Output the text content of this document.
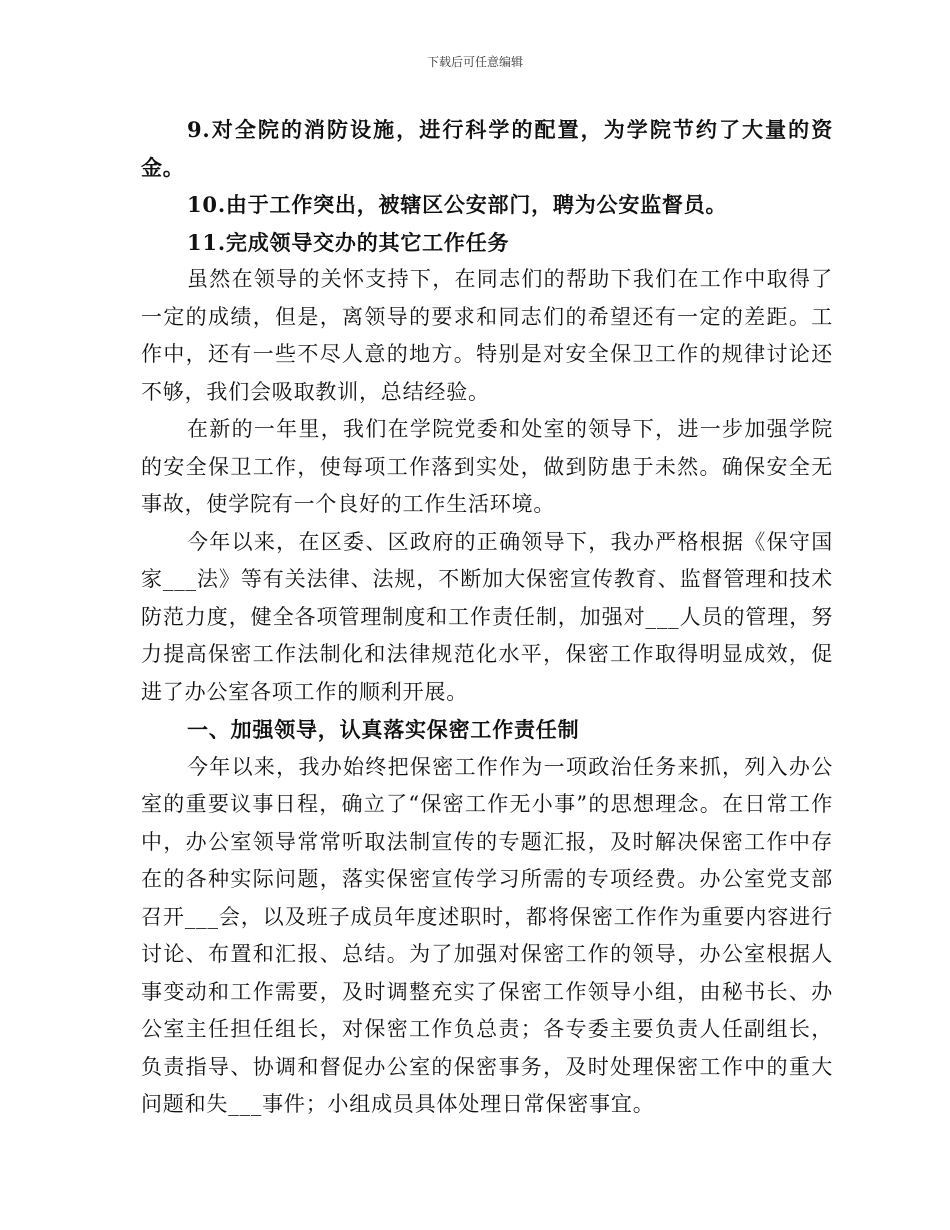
下载后可任意编辑

9.对全院的消防设施，进行科学的配置，为学院节约了大量的资金。

10.由于工作突出，被辖区公安部门，聘为公安监督员。

11.完成领导交办的其它工作任务

虽然在领导的关怀支持下，在同志们的帮助下我们在工作中取得了一定的成绩，但是，离领导的要求和同志们的希望还有一定的差距。工作中，还有一些不尽人意的地方。特别是对安全保卫工作的规律讨论还不够，我们会吸取教训，总结经验。

在新的一年里，我们在学院党委和处室的领导下，进一步加强学院的安全保卫工作，使每项工作落到实处，做到防患于未然。确保安全无事故，使学院有一个良好的工作生活环境。

今年以来，在区委、区政府的正确领导下，我办严格根据《保守国家___法》等有关法律、法规，不断加大保密宣传教育、监督管理和技术防范力度，健全各项管理制度和工作责任制，加强对___人员的管理，努力提高保密工作法制化和法律规范化水平，保密工作取得明显成效，促进了办公室各项工作的顺利开展。

一、加强领导，认真落实保密工作责任制

今年以来，我办始终把保密工作作为一项政治任务来抓，列入办公室的重要议事日程，确立了“保密工作无小事”的思想理念。在日常工作中，办公室领导常常听取法制宣传的专题汇报，及时解决保密工作中存在的各种实际问题，落实保密宣传学习所需的专项经费。办公室党支部召开___会，以及班子成员年度述职时，都将保密工作作为重要内容进行讨论、布置和汇报、总结。为了加强对保密工作的领导，办公室根据人事变动和工作需要，及时调整充实了保密工作领导小组，由秘书长、办公室主任担任组长，对保密工作负总责；各专委主要负责人任副组长，负责指导、协调和督促办公室的保密事务，及时处理保密工作中的重大问题和失___事件；小组成员具体处理日常保密事宜。
